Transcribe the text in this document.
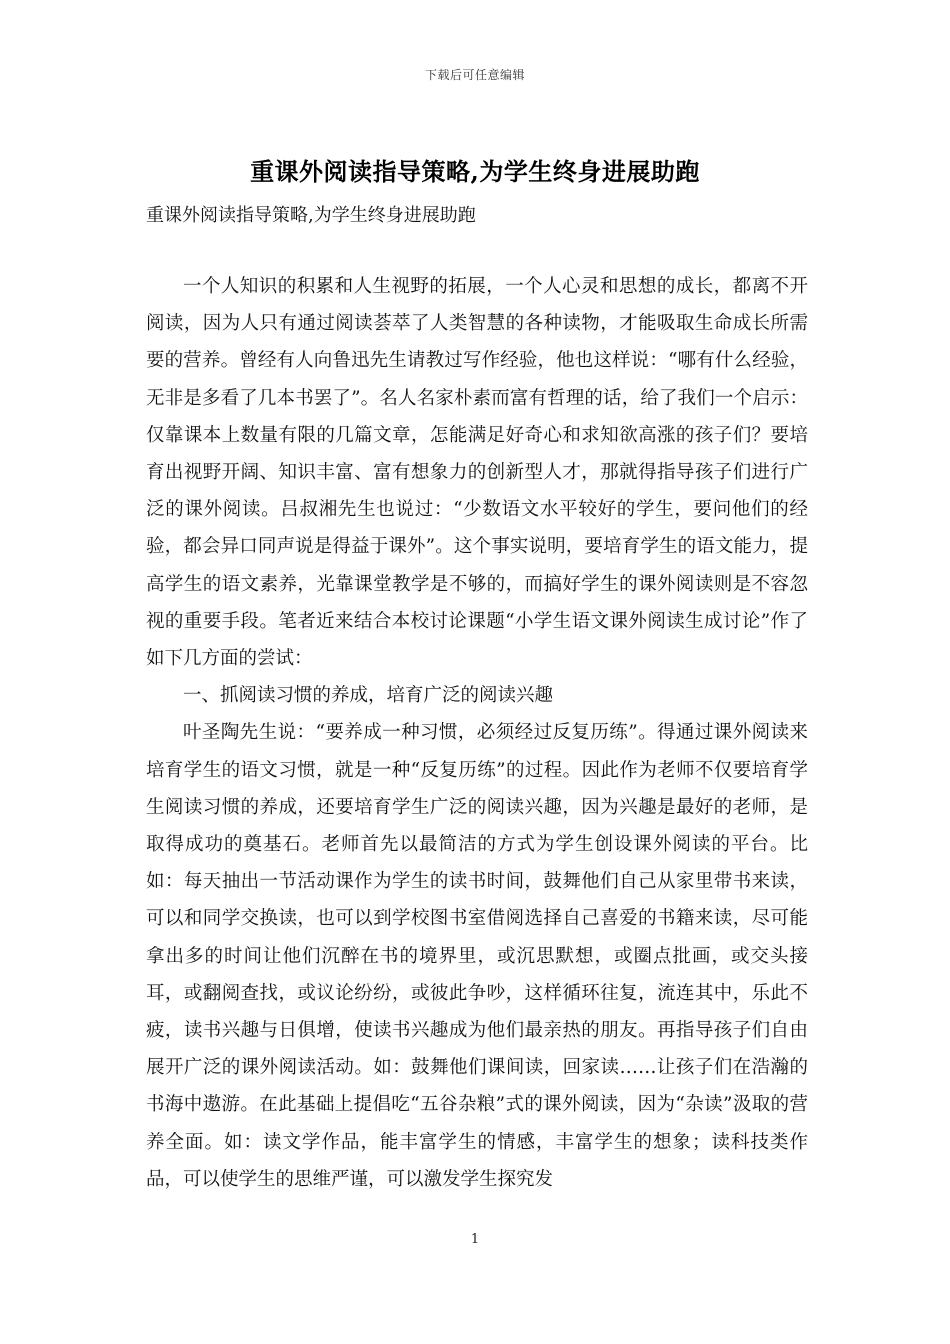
下载后可任意编辑
重课外阅读指导策略,为学生终身进展助跑
重课外阅读指导策略,为学生终身进展助跑

一个人知识的积累和人生视野的拓展，一个人心灵和思想的成长，都离不开阅读，因为人只有通过阅读荟萃了人类智慧的各种读物，才能吸取生命成长所需要的营养。曾经有人向鲁迅先生请教过写作经验，他也这样说：“哪有什么经验，无非是多看了几本书罢了”。名人名家朴素而富有哲理的话，给了我们一个启示：仅靠课本上数量有限的几篇文章，怎能满足好奇心和求知欲高涨的孩子们？要培育出视野开阔、知识丰富、富有想象力的创新型人才，那就得指导孩子们进行广泛的课外阅读。吕叔湘先生也说过：“少数语文水平较好的学生，要问他们的经验，都会异口同声说是得益于课外”。这个事实说明，要培育学生的语文能力，提高学生的语文素养，光靠课堂教学是不够的，而搞好学生的课外阅读则是不容忽视的重要手段。笔者近来结合本校讨论课题“小学生语文课外阅读生成讨论”作了如下几方面的尝试：

一、抓阅读习惯的养成，培育广泛的阅读兴趣

叶圣陶先生说：“要养成一种习惯，必须经过反复历练”。得通过课外阅读来培育学生的语文习惯，就是一种“反复历练”的过程。因此作为老师不仅要培育学生阅读习惯的养成，还要培育学生广泛的阅读兴趣，因为兴趣是最好的老师，是取得成功的奠基石。老师首先以最简洁的方式为学生创设课外阅读的平台。比如：每天抽出一节活动课作为学生的读书时间，鼓舞他们自己从家里带书来读，可以和同学交换读，也可以到学校图书室借阅选择自己喜爱的书籍来读，尽可能拿出多的时间让他们沉醉在书的境界里，或沉思默想，或圈点批画，或交头接耳，或翻阅查找，或议论纷纷，或彼此争吵，这样循环往复，流连其中，乐此不疲，读书兴趣与日俱增，使读书兴趣成为他们最亲热的朋友。再指导孩子们自由展开广泛的课外阅读活动。如：鼓舞他们课间读，回家读……让孩子们在浩瀚的书海中遨游。在此基础上提倡吃“五谷杂粮”式的课外阅读，因为“杂读”汲取的营养全面。如：读文学作品，能丰富学生的情感，丰富学生的想象；读科技类作品，可以使学生的思维严谨，可以激发学生探究发

1
